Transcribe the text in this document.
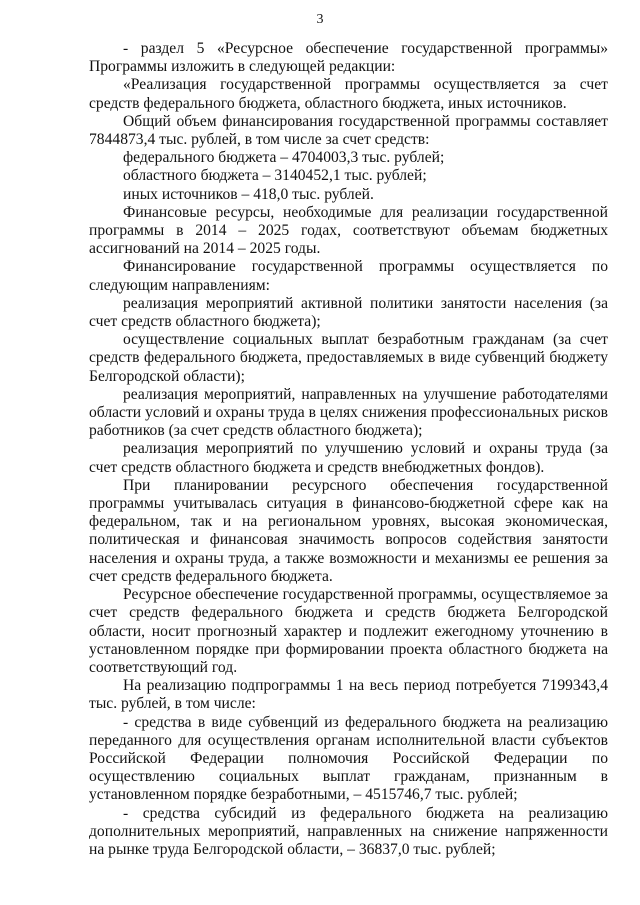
3

- раздел 5 «Ресурсное обеспечение государственной программы» Программы изложить в следующей редакции:

«Реализация государственной программы осуществляется за счет средств федерального бюджета, областного бюджета, иных источников.

Общий объем финансирования государственной программы составляет 7844873,4 тыс. рублей, в том числе за счет средств:

федерального бюджета – 4704003,3 тыс. рублей;

областного бюджета – 3140452,1 тыс. рублей;

иных источников – 418,0 тыс. рублей.

Финансовые ресурсы, необходимые для реализации государственной программы в 2014 – 2025 годах, соответствуют объемам бюджетных ассигнований на 2014 – 2025 годы.

Финансирование государственной программы осуществляется по следующим направлениям:

реализация мероприятий активной политики занятости населения (за счет средств областного бюджета);

осуществление социальных выплат безработным гражданам (за счет средств федерального бюджета, предоставляемых в виде субвенций бюджету Белгородской области);

реализация мероприятий, направленных на улучшение работодателями области условий и охраны труда в целях снижения профессиональных рисков работников (за счет средств областного бюджета);

реализация мероприятий по улучшению условий и охраны труда (за счет средств областного бюджета и средств внебюджетных фондов).

При планировании ресурсного обеспечения государственной программы учитывалась ситуация в финансово-бюджетной сфере как на федеральном, так и на региональном уровнях, высокая экономическая, политическая и финансовая значимость вопросов содействия занятости населения и охраны труда, а также возможности и механизмы ее решения за счет средств федерального бюджета.

Ресурсное обеспечение государственной программы, осуществляемое за счет средств федерального бюджета и средств бюджета Белгородской области, носит прогнозный характер и подлежит ежегодному уточнению в установленном порядке при формировании проекта областного бюджета на соответствующий год.

На реализацию подпрограммы 1 на весь период потребуется 7199343,4 тыс. рублей, в том числе:

- средства в виде субвенций из федерального бюджета на реализацию переданного для осуществления органам исполнительной власти субъектов Российской Федерации полномочия Российской Федерации по осуществлению социальных выплат гражданам, признанным в установленном порядке безработными, – 4515746,7 тыс. рублей;

- средства субсидий из федерального бюджета на реализацию дополнительных мероприятий, направленных на снижение напряженности на рынке труда Белгородской области, – 36837,0 тыс. рублей;
